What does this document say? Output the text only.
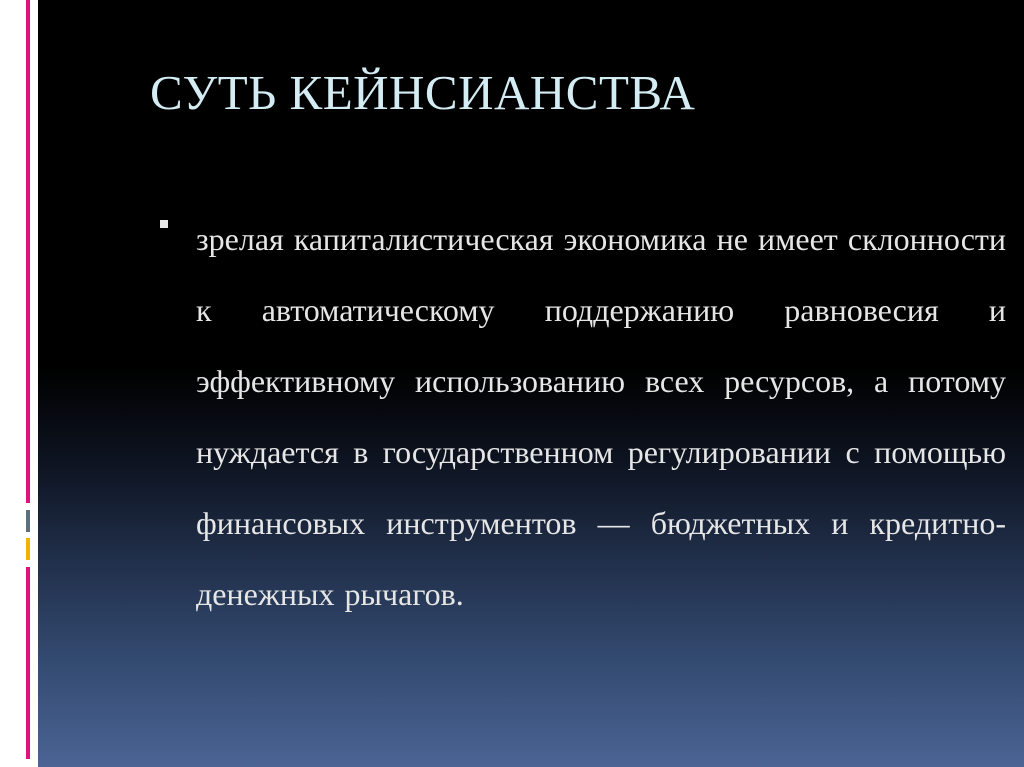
СУТЬ КЕЙНСИАНСТВА
зрелая капиталистическая экономика не имеет склонности к автоматическому поддержанию равновесия и эффективному использованию всех ресурсов, а потому нуждается в государственном регулировании с помощью финансовых инструментов — бюджетных и кредитно-денежных рычагов.
